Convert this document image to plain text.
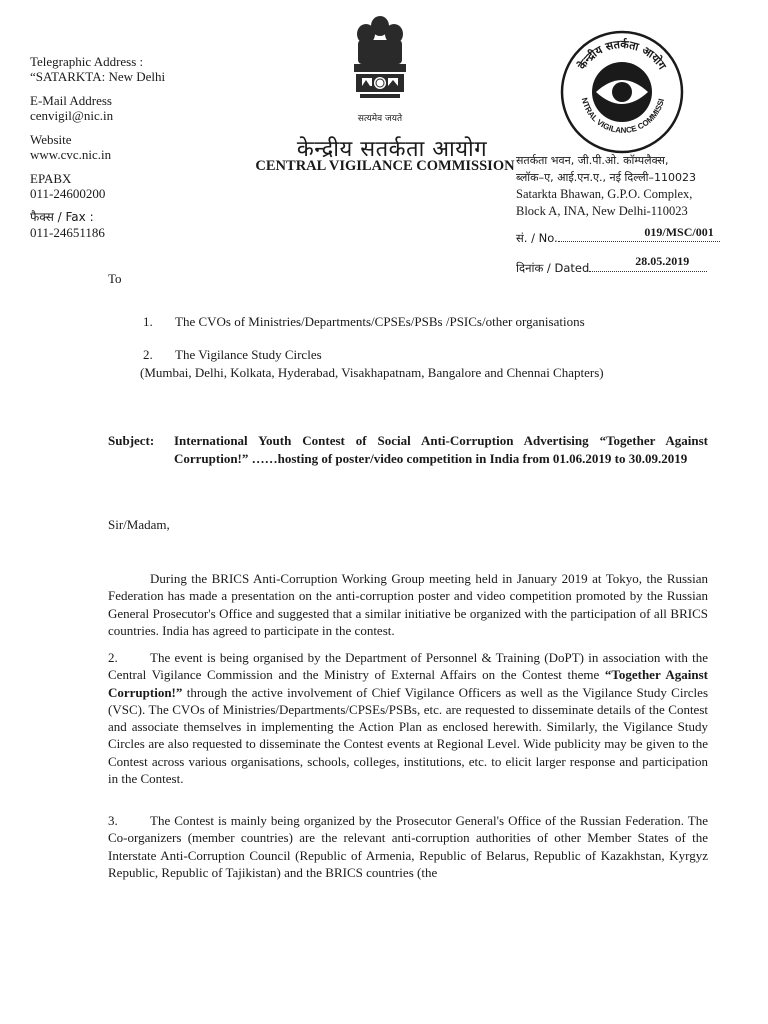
Telegraphic Address :
“SATARKTA: New Delhi
E-Mail Address
cenvigil@nic.in
Website
www.cvc.nic.in
EPABX
011-24600200
फैक्स / Fax :
011-24651186
सत्यमेव जयते
केन्द्रीय सतर्कता आयोग
CENTRAL VIGILANCE COMMISSION
केन्द्रीय सतर्कता आयोग
NTRAL VIGILANCE COMMISSI
सतर्कता भवन, जी.पी.ओ. कॉम्पलैक्स,
ब्लॉक–ए, आई.एन.ए., नई दिल्ली–110023
Satarkta Bhawan, G.P.O. Complex,
Block A, INA, New Delhi-110023
सं. / No.	019/MSC/001
दिनांक / Dated	28.05.2019
To
1. The CVOs of Ministries/Departments/CPSEs/PSBs /PSICs/other organisations
2. The Vigilance Study Circles
(Mumbai, Delhi, Kolkata, Hyderabad, Visakhapatnam, Bangalore and Chennai Chapters)
Subject: International Youth Contest of Social Anti-Corruption Advertising “Together Against Corruption!” ……hosting of poster/video competition in India from 01.06.2019 to 30.09.2019
Sir/Madam,
During the BRICS Anti-Corruption Working Group meeting held in January 2019 at Tokyo, the Russian Federation has made a presentation on the anti-corruption poster and video competition promoted by the Russian General Prosecutor's Office and suggested that a similar initiative be organized with the participation of all BRICS countries. India has agreed to participate in the contest.
2. The event is being organised by the Department of Personnel & Training (DoPT) in association with the Central Vigilance Commission and the Ministry of External Affairs on the Contest theme “Together Against Corruption!” through the active involvement of Chief Vigilance Officers as well as the Vigilance Study Circles (VSC). The CVOs of Ministries/Departments/CPSEs/PSBs, etc. are requested to disseminate details of the Contest and associate themselves in implementing the Action Plan as enclosed herewith. Similarly, the Vigilance Study Circles are also requested to disseminate the Contest events at Regional Level. Wide publicity may be given to the Contest across various organisations, schools, colleges, institutions, etc. to elicit larger response and participation in the Contest.
3. The Contest is mainly being organized by the Prosecutor General's Office of the Russian Federation. The Co-organizers (member countries) are the relevant anti-corruption authorities of other Member States of the Interstate Anti-Corruption Council (Republic of Armenia, Republic of Belarus, Republic of Kazakhstan, Kyrgyz Republic, Republic of Tajikistan) and the BRICS countries (the
